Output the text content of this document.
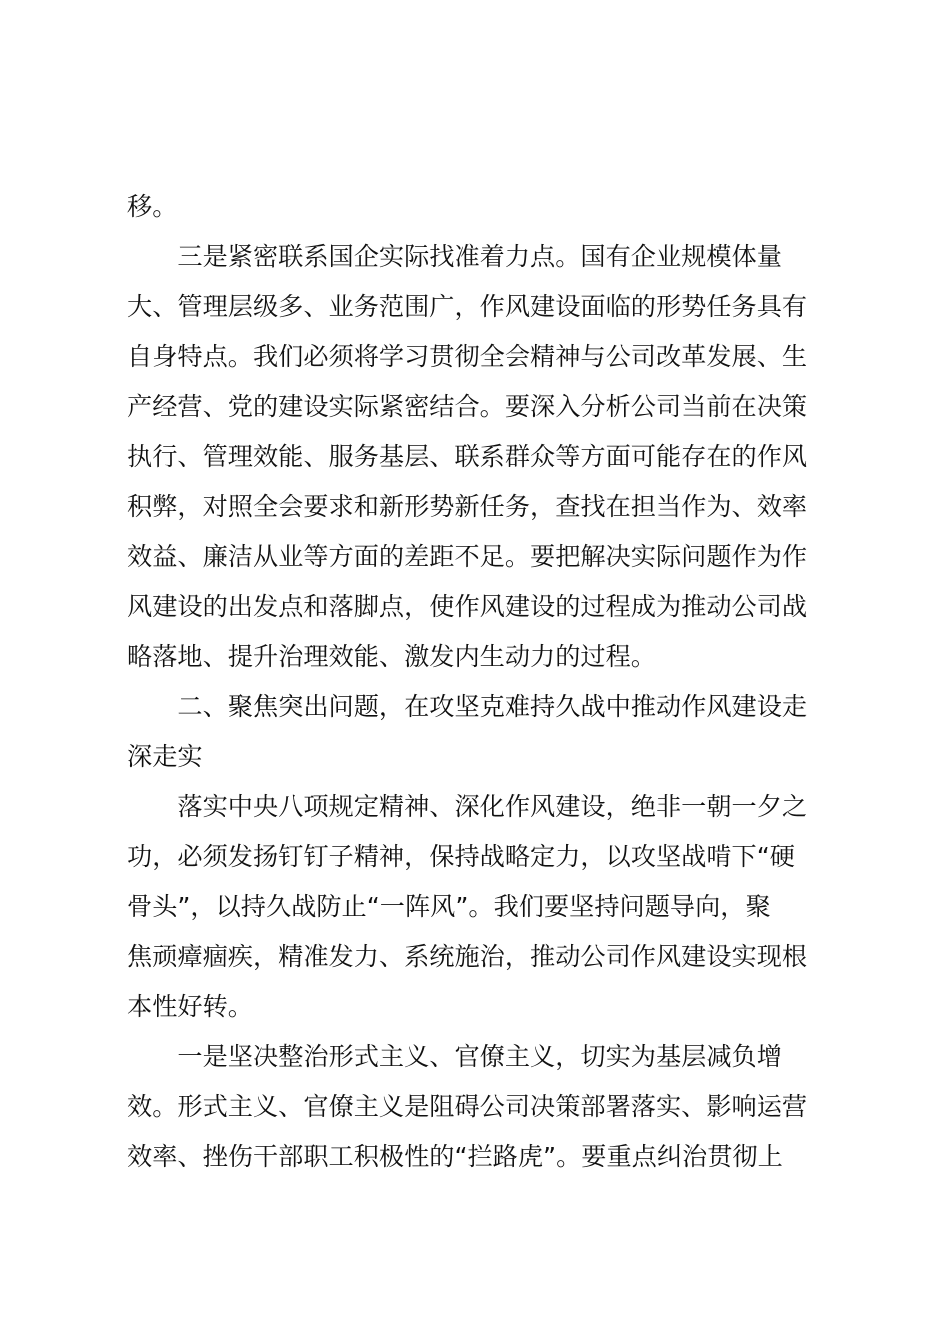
移。
三是紧密联系国企实际找准着力点。国有企业规模体量
大、管理层级多、业务范围广，作风建设面临的形势任务具有
自身特点。我们必须将学习贯彻全会精神与公司改革发展、生
产经营、党的建设实际紧密结合。要深入分析公司当前在决策
执行、管理效能、服务基层、联系群众等方面可能存在的作风
积弊，对照全会要求和新形势新任务，查找在担当作为、效率
效益、廉洁从业等方面的差距不足。要把解决实际问题作为作
风建设的出发点和落脚点，使作风建设的过程成为推动公司战
略落地、提升治理效能、激发内生动力的过程。
二、聚焦突出问题，在攻坚克难持久战中推动作风建设走
深走实
落实中央八项规定精神、深化作风建设，绝非一朝一夕之
功，必须发扬钉钉子精神，保持战略定力，以攻坚战啃下“硬
骨头”，以持久战防止“一阵风”。我们要坚持问题导向，聚
焦顽瘴痼疾，精准发力、系统施治，推动公司作风建设实现根
本性好转。
一是坚决整治形式主义、官僚主义，切实为基层减负增
效。形式主义、官僚主义是阻碍公司决策部署落实、影响运营
效率、挫伤干部职工积极性的“拦路虎”。要重点纠治贯彻上
